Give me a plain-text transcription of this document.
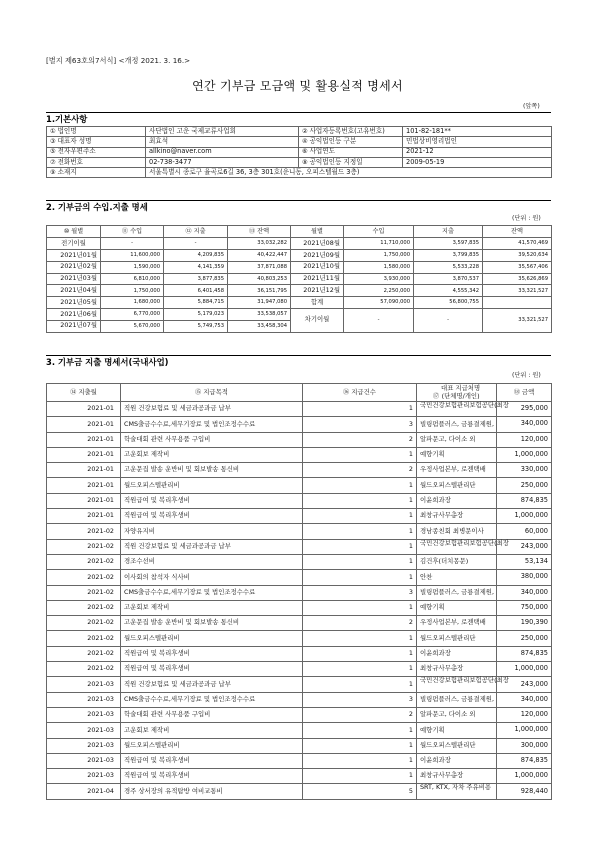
[별지 제63호의7서식] <개정 2021. 3. 16.>
연간 기부금 모금액 및 활용실적 명세서
(앞쪽)
1.기본사항
① 법인명	사단법인 고운 국제교류사업회	② 사업자등록번호(고유번호)	101-82-181**
③ 대표자 성명	최효석	④ 공익법인등 구분	민법상비영리법인
⑤ 전자우편주소	allkino@naver.com	⑥ 사업연도	2021-12
⑦ 전화번호	02-738-3477	⑧ 공익법인등 지정일	2009-05-19
⑨ 소재지	서울특별시 종로구 율곡로6길 36, 3층 301호(운니동, 오피스텔월드 3층)		
2. 기부금의 수입.지출 명세
(단위 : 원)
⑩ 월별	⑪ 수입	⑫ 지출	⑬ 잔액	월별	수입	지출	잔액
전기이월	-	-	33,032,282	2021년08월	11,710,000	3,597,835	41,570,469
2021년01월	11,600,000	4,209,835	40,422,447	2021년09월	1,750,000	3,799,835	39,520,634
2021년02월	1,590,000	4,141,359	37,871,088	2021년10월	1,580,000	5,533,228	35,567,406
2021년03월	6,810,000	3,877,835	40,803,253	2021년11월	3,930,000	3,870,537	35,626,869
2021년04월	1,750,000	6,401,458	36,151,795	2021년12월	2,250,000	4,555,342	33,321,527
2021년05월	1,680,000	5,884,715	31,947,080	합계	57,090,000	56,800,755	
2021년06월	6,770,000	5,179,023	33,538,057	차기이월	-	-	33,321,527
2021년07월	5,670,000	5,749,753	33,458,304				
3. 기부금 지출 명세서(국내사업)
(단위 : 원)
⑭ 지출월	⑮ 지급목적	⑯ 지급건수	⑰
대표 지급처명
(단체명/개인)	⑱ 금액
2021-01	직원 건강보험료 및 세금과공과금 납부	1	국민건강보험관리보험공단(최장	295,000
2021-01	CMS출금수수료,세무기장료 및 법인조정수수료	3	빌링펌플러스, 금룡결제원,	340,000
2021-01	학술대회 관련 사무용품 구입비	2	알파문고, 다이소 외	120,000
2021-01	고운회보 제작비	1	예향기획	1,000,000
2021-01	고운문집 발송 운반비 및 회보발송 통신비	2	우정사업본부, 로젠택배	330,000
2021-01	월드오피스텔관리비	1	월드오피스텔관리단	250,000
2021-01	직원급여 및 복리후생비	1	이윤희과장	874,835
2021-01	직원급여 및 복리후생비	1	최창규사무총장	1,000,000
2021-02	자양유지비	1	경남종친회 최병문이사	60,000
2021-02	직원 건강보험료 및 세금과공과금 납부	1	국민건강보험관리보험공단(최장	243,000
2021-02	경조수선비	1	김건후(더치몽문)	53,134
2021-02	이사회의 참석자 식사비	1	안찬	380,000
2021-02	CMS출금수수료,세무기장료 및 법인조정수수료	3	빌링펌플러스, 금룡결제원,	340,000
2021-02	고운회보 제작비	1	예향기획	750,000
2021-02	고운문집 발송 운반비 및 회보발송 통신비	2	우정사업본부, 로젠택배	190,390
2021-02	월드오피스텔관리비	1	월드오피스텔관리단	250,000
2021-02	직원급여 및 복리후생비	1	이윤희과장	874,835
2021-02	직원급여 및 복리후생비	1	최창규사무총장	1,000,000
2021-03	직원 건강보험료 및 세금과공과금 납부	1	국민건강보험관리보험공단(최장	243,000
2021-03	CMS출금수수료,세무기장료 및 법인조정수수료	3	빌링펌플러스, 금룡결제원,	340,000
2021-03	학술대회 관련 사무용품 구입비	2	알파문고, 다이소 외	120,000
2021-03	고운회보 제작비	1	예향기획	1,000,000
2021-03	월드오피스텔관리비	1	월드오피스텔관리단	300,000
2021-03	직원급여 및 복리후생비	1	이윤희과장	874,835
2021-03	직원급여 및 복리후생비	1	최창규사무총장	1,000,000
2021-04	경주 상서장의 유적탐방 여비교통비	5	SRT, KTX, 자차 주유비용	928,440
